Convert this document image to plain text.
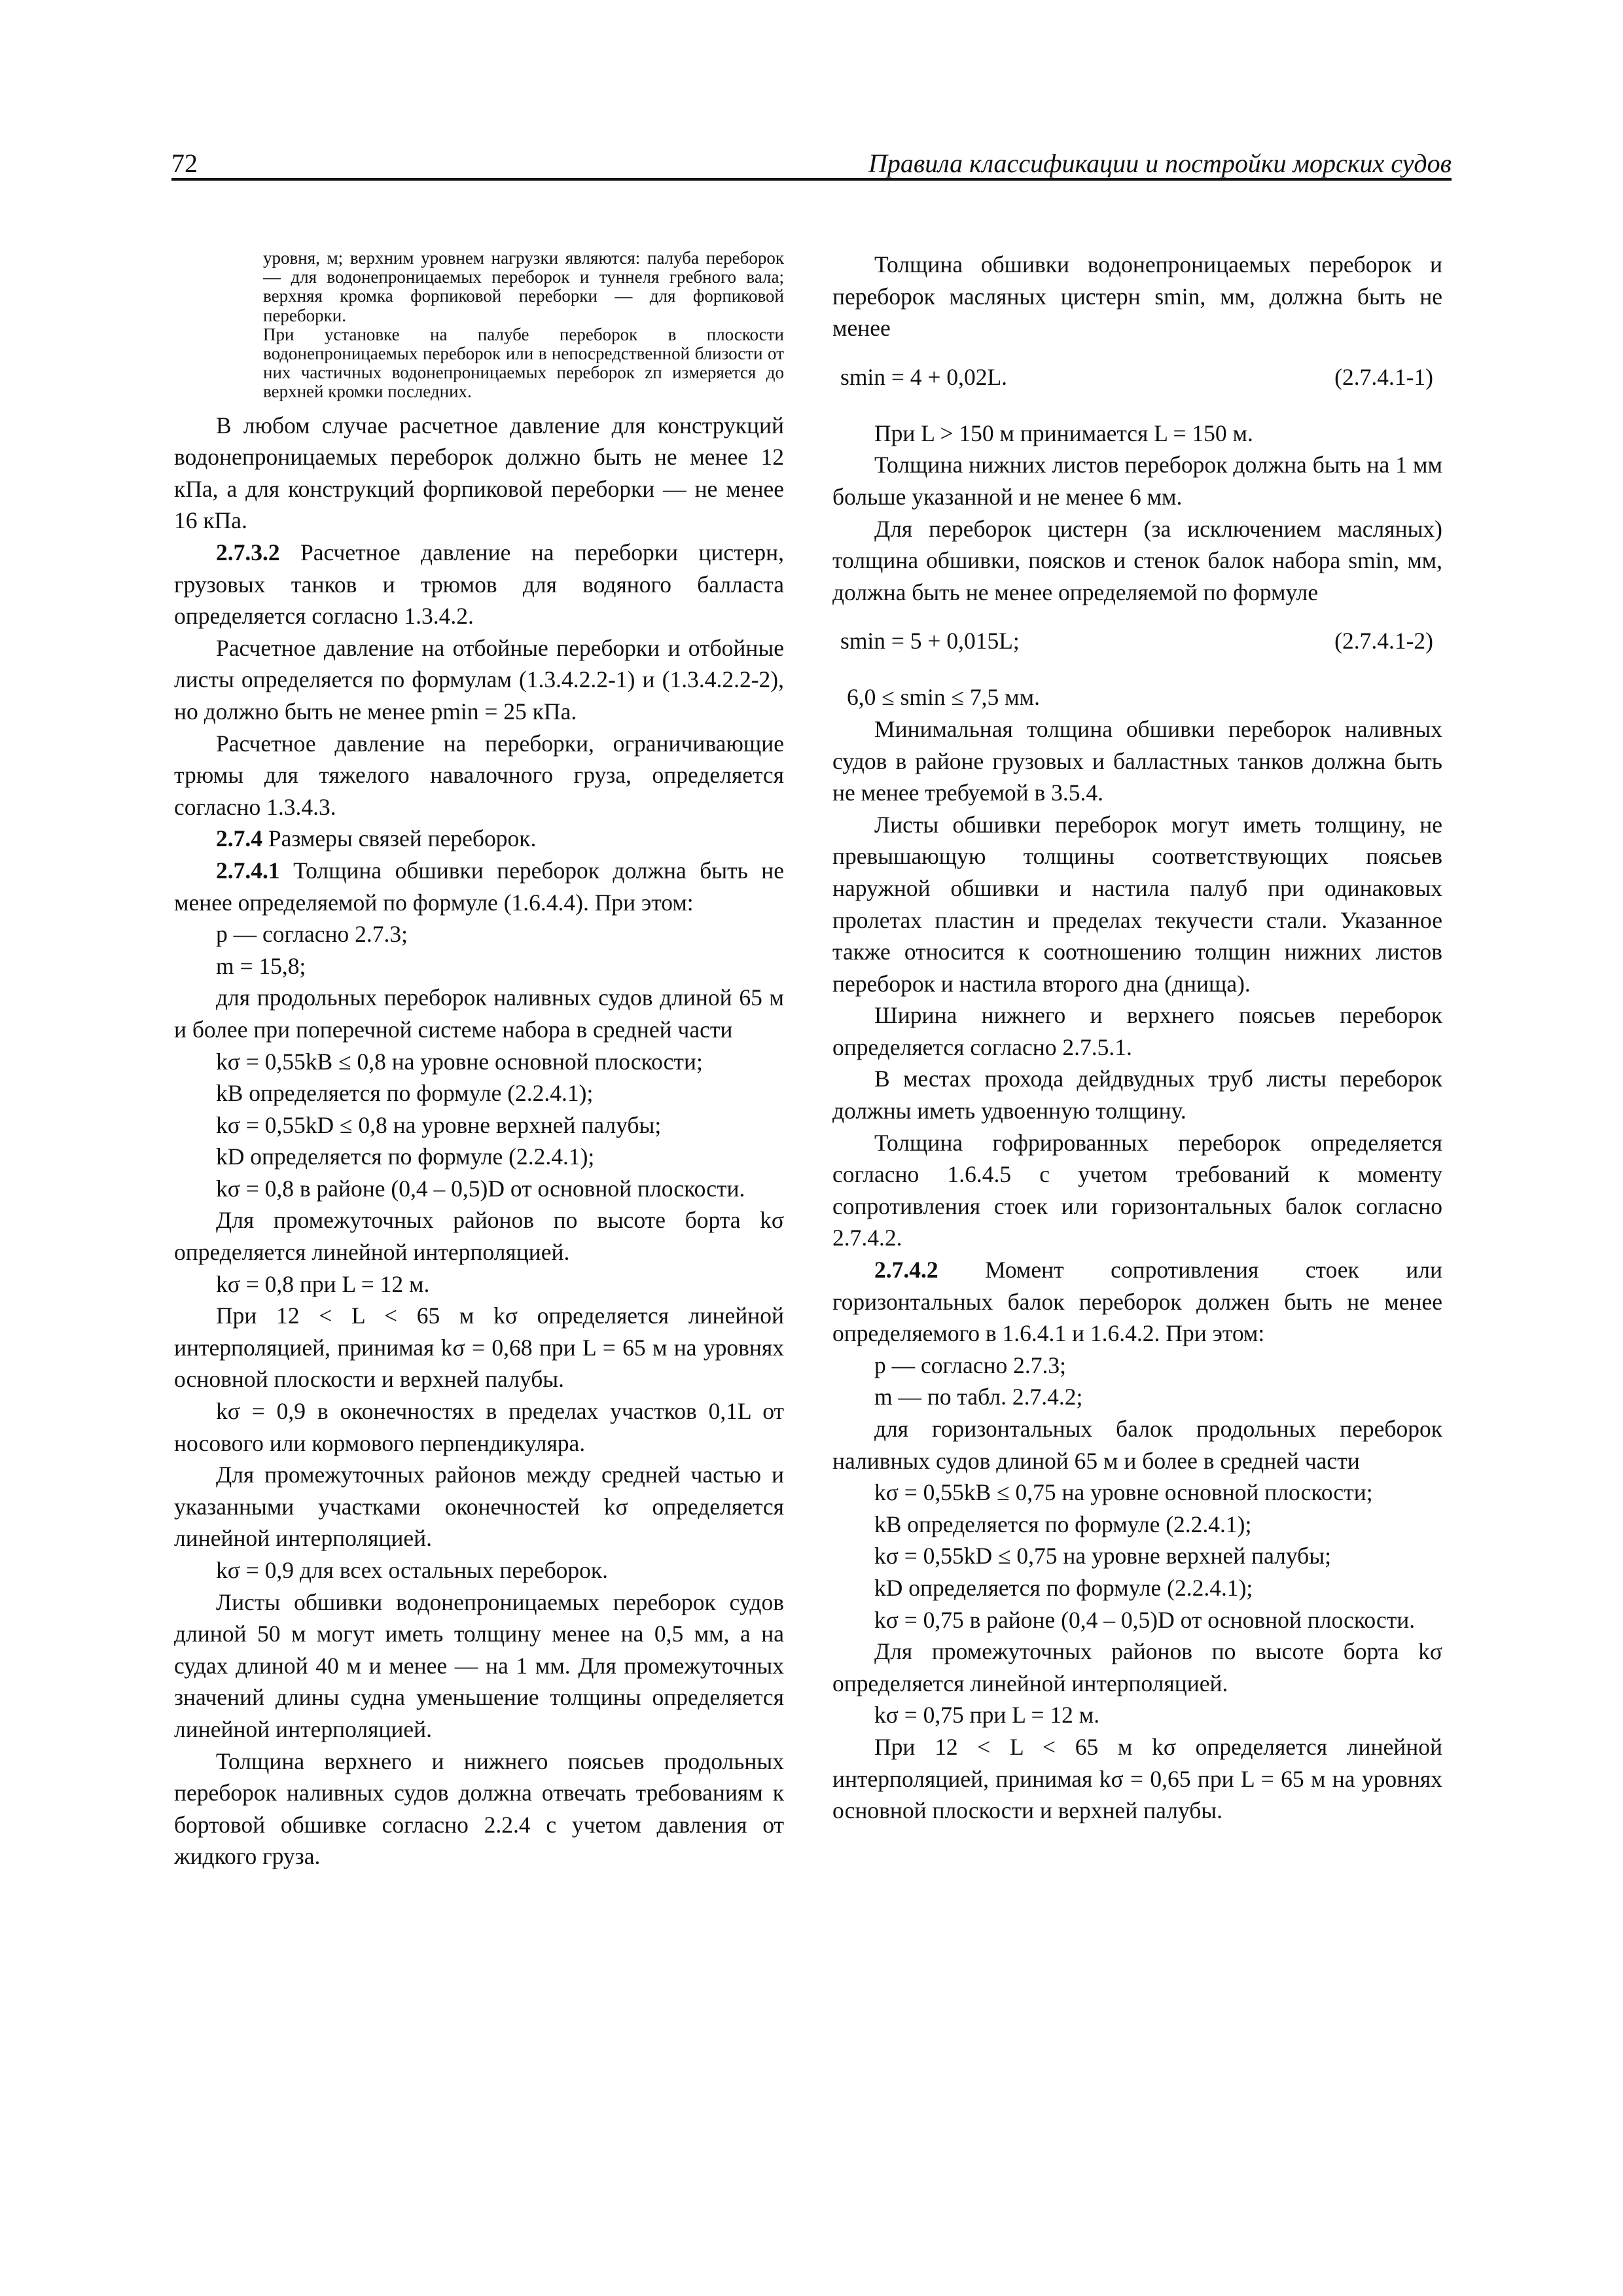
72	Правила классификации и постройки морских судов

уровня, м; верхним уровнем нагрузки являются: палуба переборок — для водонепроницаемых переборок и туннеля гребного вала; верхняя кромка форпиковой переборки — для форпиковой переборки.

При установке на палубе переборок в плоскости водонепроницаемых переборок или в непосредственной близости от них частичных водонепроницаемых переборок zп измеряется до верхней кромки последних.

В любом случае расчетное давление для конструкций водонепроницаемых переборок должно быть не менее 12 кПа, а для конструкций форпиковой переборки — не менее 16 кПа.

2.7.3.2 Расчетное давление на переборки цистерн, грузовых танков и трюмов для водяного балласта определяется согласно 1.3.4.2.

Расчетное давление на отбойные переборки и отбойные листы определяется по формулам (1.3.4.2.2-1) и (1.3.4.2.2-2), но должно быть не менее pmin = 25 кПа.

Расчетное давление на переборки, ограничивающие трюмы для тяжелого навалочного груза, определяется согласно 1.3.4.3.

2.7.4 Размеры связей переборок.

2.7.4.1 Толщина обшивки переборок должна быть не менее определяемой по формуле (1.6.4.4). При этом:

p — согласно 2.7.3;

m = 15,8;

для продольных переборок наливных судов длиной 65 м и более при поперечной системе набора в средней части

kσ = 0,55kB ≤ 0,8 на уровне основной плоскости;

kB определяется по формуле (2.2.4.1);

kσ = 0,55kD ≤ 0,8 на уровне верхней палубы;

kD определяется по формуле (2.2.4.1);

kσ = 0,8 в районе (0,4 – 0,5)D от основной плоскости.

Для промежуточных районов по высоте борта kσ определяется линейной интерполяцией.

kσ = 0,8 при L = 12 м.

При 12 < L < 65 м kσ определяется линейной интерполяцией, принимая kσ = 0,68 при L = 65 м на уровнях основной плоскости и верхней палубы.

kσ = 0,9 в оконечностях в пределах участков 0,1L от носового или кормового перпендикуляра.

Для промежуточных районов между средней частью и указанными участками оконечностей kσ определяется линейной интерполяцией.

kσ = 0,9 для всех остальных переборок.

Листы обшивки водонепроницаемых переборок судов длиной 50 м могут иметь толщину менее на 0,5 мм, а на судах длиной 40 м и менее — на 1 мм. Для промежуточных значений длины судна уменьшение толщины определяется линейной интерполяцией.

Толщина верхнего и нижнего поясьев продольных переборок наливных судов должна отвечать требованиям к бортовой обшивке согласно 2.2.4 с учетом давления от жидкого груза.

Толщина обшивки водонепроницаемых переборок и переборок масляных цистерн smin, мм, должна быть не менее

smin = 4 + 0,02L.	(2.7.4.1-1)

При L > 150 м принимается L = 150 м.

Толщина нижних листов переборок должна быть на 1 мм больше указанной и не менее 6 мм.

Для переборок цистерн (за исключением масляных) толщина обшивки, поясков и стенок балок набора smin, мм, должна быть не менее определяемой по формуле

smin = 5 + 0,015L;	(2.7.4.1-2)

6,0 ≤ smin ≤ 7,5 мм.

Минимальная толщина обшивки переборок наливных судов в районе грузовых и балластных танков должна быть не менее требуемой в 3.5.4.

Листы обшивки переборок могут иметь толщину, не превышающую толщины соответствующих поясьев наружной обшивки и настила палуб при одинаковых пролетах пластин и пределах текучести стали. Указанное также относится к соотношению толщин нижних листов переборок и настила второго дна (днища).

Ширина нижнего и верхнего поясьев переборок определяется согласно 2.7.5.1.

В местах прохода дейдвудных труб листы переборок должны иметь удвоенную толщину.

Толщина гофрированных переборок определяется согласно 1.6.4.5 с учетом требований к моменту сопротивления стоек или горизонтальных балок согласно 2.7.4.2.

2.7.4.2 Момент сопротивления стоек или горизонтальных балок переборок должен быть не менее определяемого в 1.6.4.1 и 1.6.4.2. При этом:

p — согласно 2.7.3;

m — по табл. 2.7.4.2;

для горизонтальных балок продольных переборок наливных судов длиной 65 м и более в средней части

kσ = 0,55kB ≤ 0,75 на уровне основной плоскости;

kB определяется по формуле (2.2.4.1);

kσ = 0,55kD ≤ 0,75 на уровне верхней палубы;

kD определяется по формуле (2.2.4.1);

kσ = 0,75 в районе (0,4 – 0,5)D от основной плоскости.

Для промежуточных районов по высоте борта kσ определяется линейной интерполяцией.

kσ = 0,75 при L = 12 м.

При 12 < L < 65 м kσ определяется линейной интерполяцией, принимая kσ = 0,65 при L = 65 м на уровнях основной плоскости и верхней палубы.
